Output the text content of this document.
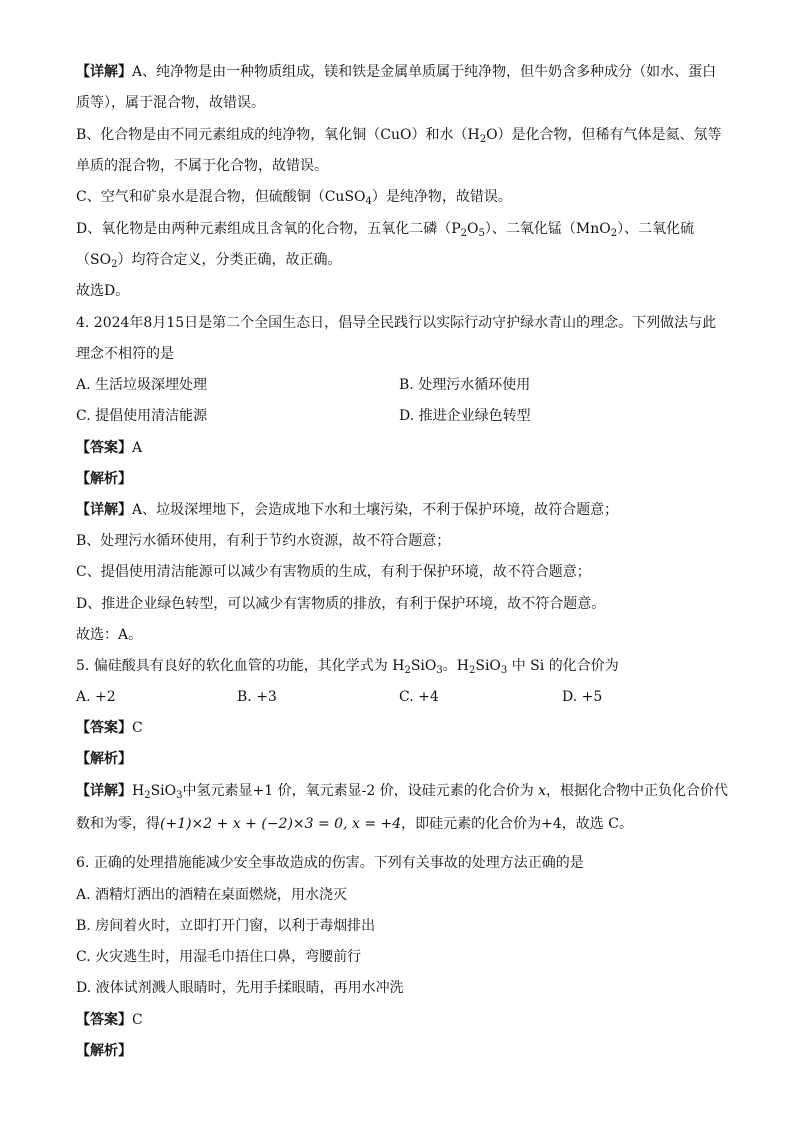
【详解】A、纯净物是由一种物质组成，镁和铁是金属单质属于纯净物，但牛奶含多种成分（如水、蛋白
质等），属于混合物，故错误。
B、化合物是由不同元素组成的纯净物，氧化铜（CuO）和水$(H_2O)$是化合物，但稀有气体是氦、氖等
单质的混合物，不属于化合物，故错误。
C、空气和矿泉水是混合物，但硫酸铜（CuSO$_4$）是纯净物，故错误。
D、氧化物是由两种元素组成且含氧的化合物，五氧化二磷$(P_2O_5)$、二氧化锰（MnO$_2$）、二氧化硫
$(SO_2)$均符合定义，分类正确，故正确。
故选D。
4. 2024年8月15日是第二个全国生态日，倡导全民践行以实际行动守护绿水青山的理念。下列做法与此
理念不相符的是
A. 生活垃圾深埋处理	B. 处理污水循环使用
C. 提倡使用清洁能源	D. 推进企业绿色转型
【答案】A
【解析】
【详解】A、垃圾深埋地下，会造成地下水和土壤污染，不利于保护环境，故符合题意；
B、处理污水循环使用，有利于节约水资源，故不符合题意；
C、提倡使用清洁能源可以减少有害物质的生成，有利于保护环境，故不符合题意；
D、推进企业绿色转型，可以减少有害物质的排放，有利于保护环境，故不符合题意。
故选：A。
5. 偏硅酸具有良好的软化血管的功能，其化学式为 $H_2SiO_3$。$H_2SiO_3$ 中 Si 的化合价为
A. +2	B. +3	C. +4	D. +5
【答案】C
【解析】
【详解】$H_2SiO_3$中氢元素显+1 价，氧元素显-2 价，设硅元素的化合价为 x，根据化合物中正负化合价代
数和为零，得(+1)×2 + x + (−2)×3 = 0, x = +4，即硅元素的化合价为+4，故选 C。
6. 正确的处理措施能减少安全事故造成的伤害。下列有关事故的处理方法正确的是
A. 酒精灯洒出的酒精在桌面燃烧，用水浇灭
B. 房间着火时，立即打开门窗，以利于毒烟排出
C. 火灾逃生时，用湿毛巾捂住口鼻，弯腰前行
D. 液体试剂溅人眼睛时，先用手揉眼睛，再用水冲洗
【答案】C
【解析】
